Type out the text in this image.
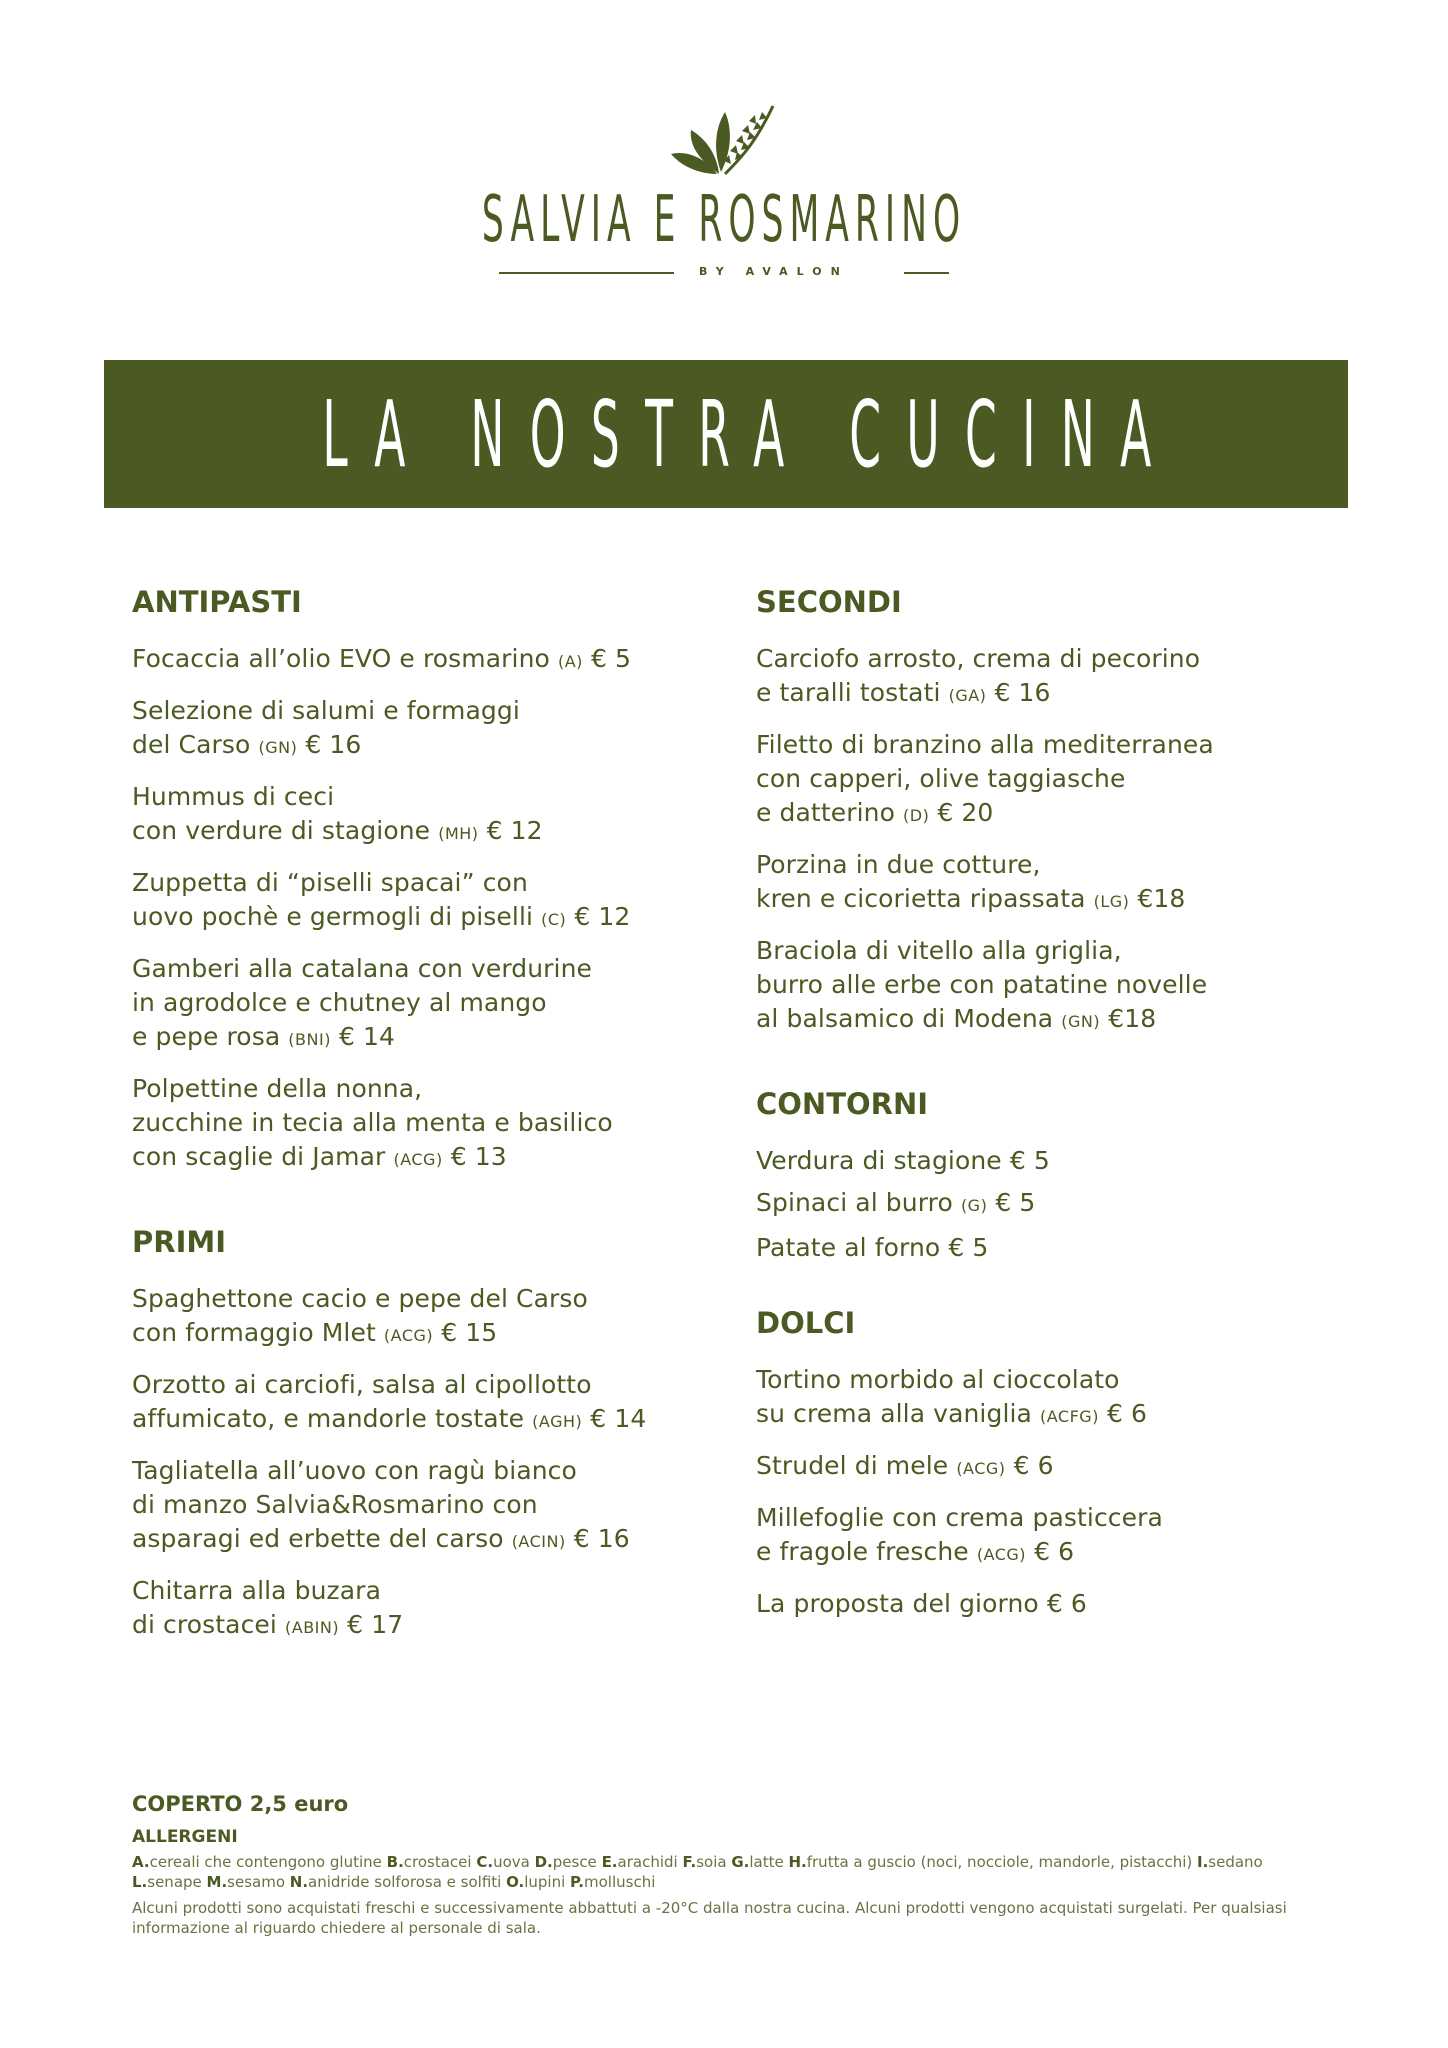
SALVIA E ROSMARINO
BY AVALON
LA NOSTRA CUCINA
ANTIPASTI
Focaccia all’olio EVO e rosmarino (A) € 5
Selezione di salumi e formaggi
del Carso (GN) € 16
Hummus di ceci
con verdure di stagione (MH) € 12
Zuppetta di “piselli spacai” con
uovo pochè e germogli di piselli (C) € 12
Gamberi alla catalana con verdurine
in agrodolce e chutney al mango
e pepe rosa (BNI) € 14
Polpettine della nonna,
zucchine in tecia alla menta e basilico
con scaglie di Jamar (ACG) € 13
PRIMI
Spaghettone cacio e pepe del Carso
con formaggio Mlet (ACG) € 15
Orzotto ai carciofi, salsa al cipollotto
affumicato, e mandorle tostate (AGH) € 14
Tagliatella all’uovo con ragù bianco
di manzo Salvia&Rosmarino con
asparagi ed erbette del carso (ACIN) € 16
Chitarra alla buzara
di crostacei (ABIN) € 17
SECONDI
Carciofo arrosto, crema di pecorino
e taralli tostati (GA) € 16
Filetto di branzino alla mediterranea
con capperi, olive taggiasche
e datterino (D) € 20
Porzina in due cotture,
kren e cicorietta ripassata (LG) €18
Braciola di vitello alla griglia,
burro alle erbe con patatine novelle
al balsamico di Modena (GN) €18
CONTORNI
Verdura di stagione € 5
Spinaci al burro (G) € 5
Patate al forno € 5
DOLCI
Tortino morbido al cioccolato
su crema alla vaniglia (ACFG) € 6
Strudel di mele (ACG) € 6
Millefoglie con crema pasticcera
e fragole fresche (ACG) € 6
La proposta del giorno € 6
COPERTO 2,5 euro
ALLERGENI
A.cereali che contengono glutine B.crostacei C.uova D.pesce E.arachidi F.soia G.latte H.frutta a guscio (noci, nocciole, mandorle, pistacchi) I.sedano L.senape M.sesamo N.anidride solforosa e solfiti O.lupini P.molluschi
Alcuni prodotti sono acquistati freschi e successivamente abbattuti a -20°C dalla nostra cucina. Alcuni prodotti vengono acquistati surgelati. Per qualsiasi informazione al riguardo chiedere al personale di sala.
